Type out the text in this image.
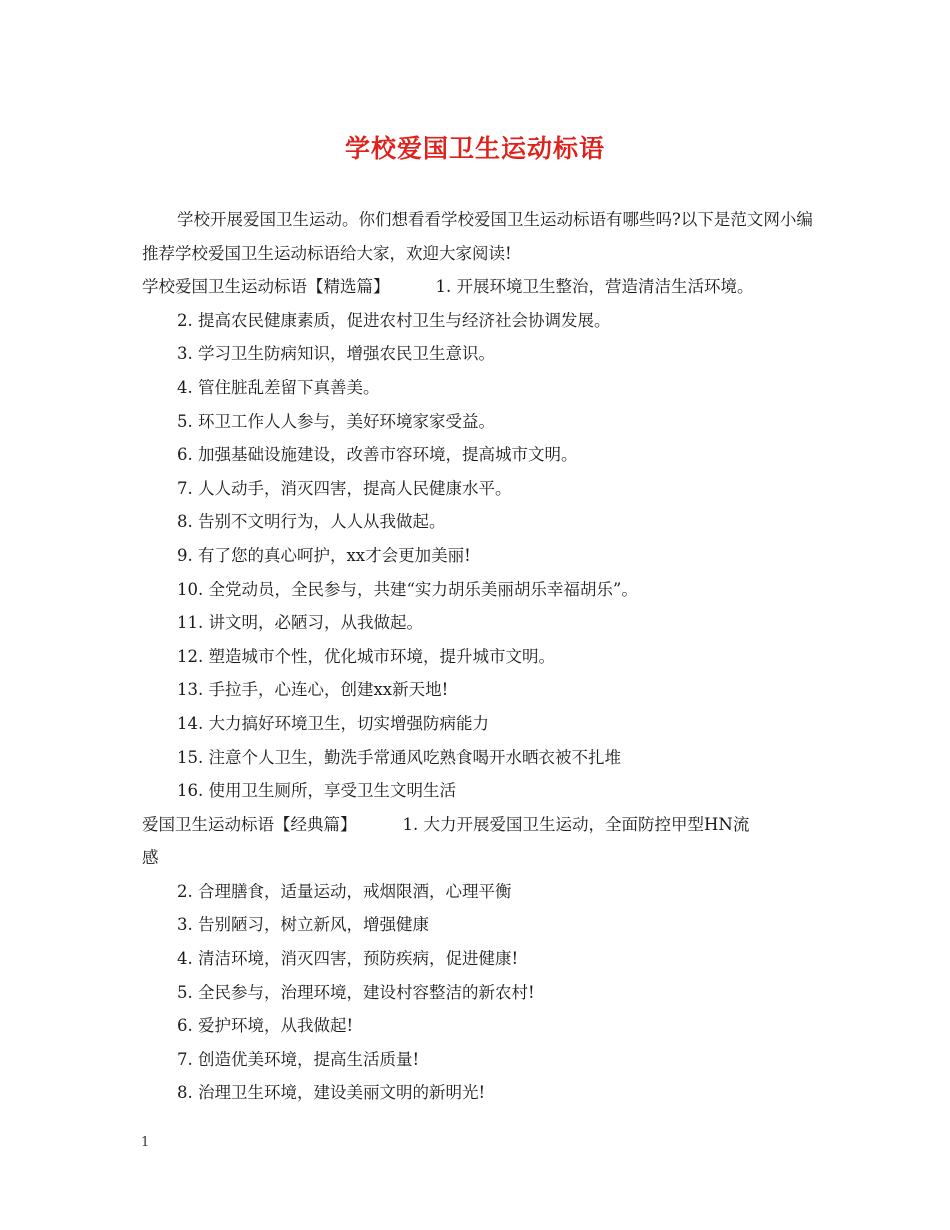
学校爱国卫生运动标语

学校开展爱国卫生运动。你们想看看学校爱国卫生运动标语有哪些吗?以下是范文网小编推荐学校爱国卫生运动标语给大家，欢迎大家阅读!

学校爱国卫生运动标语【精选篇】	1. 开展环境卫生整治，营造清洁生活环境。

2. 提高农民健康素质，促进农村卫生与经济社会协调发展。

3. 学习卫生防病知识，增强农民卫生意识。

4. 管住脏乱差留下真善美。

5. 环卫工作人人参与，美好环境家家受益。

6. 加强基础设施建设，改善市容环境，提高城市文明。

7. 人人动手，消灭四害，提高人民健康水平。

8. 告别不文明行为，人人从我做起。

9. 有了您的真心呵护，xx才会更加美丽!

10. 全党动员，全民参与，共建“实力胡乐美丽胡乐幸福胡乐”。

11. 讲文明，必陋习，从我做起。

12. 塑造城市个性，优化城市环境，提升城市文明。

13. 手拉手，心连心，创建xx新天地!

14. 大力搞好环境卫生，切实增强防病能力

15. 注意个人卫生，勤洗手常通风吃熟食喝开水晒衣被不扎堆

16. 使用卫生厕所，享受卫生文明生活

爱国卫生运动标语【经典篇】	1. 大力开展爱国卫生运动，全面防控甲型HN流

感

2. 合理膳食，适量运动，戒烟限酒，心理平衡

3. 告别陋习，树立新风，增强健康

4. 清洁环境，消灭四害，预防疾病，促进健康!

5. 全民参与，治理环境，建设村容整洁的新农村!

6. 爱护环境，从我做起!

7. 创造优美环境，提高生活质量!

8. 治理卫生环境，建设美丽文明的新明光!

1
